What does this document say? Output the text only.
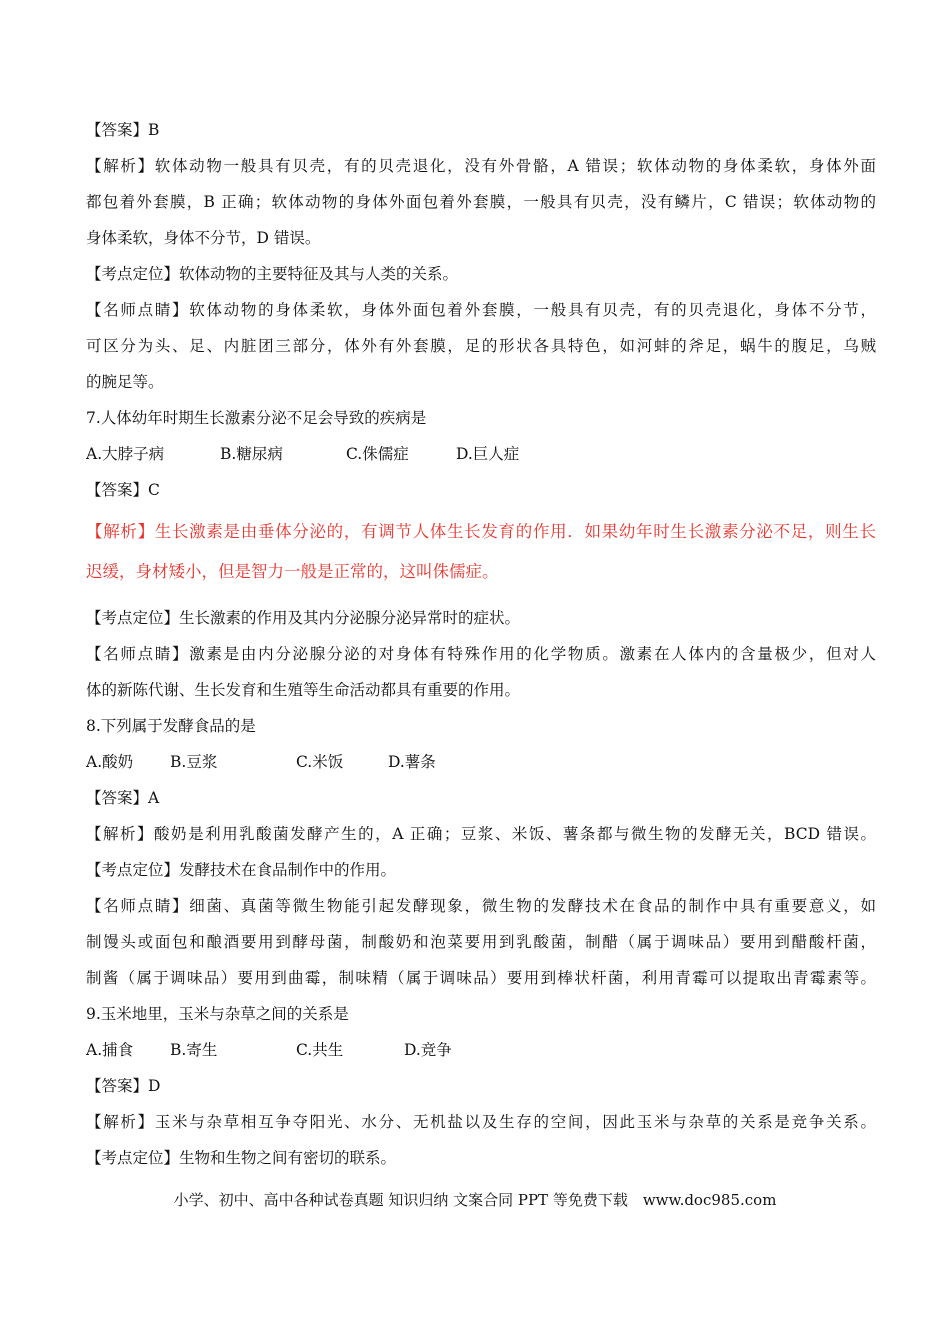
【答案】B
【解析】软体动物一般具有贝壳，有的贝壳退化，没有外骨骼，A 错误；软体动物的身体柔软，身体外面
都包着外套膜，B 正确；软体动物的身体外面包着外套膜，一般具有贝壳，没有鳞片，C 错误；软体动物的
身体柔软，身体不分节，D 错误。
【考点定位】软体动物的主要特征及其与人类的关系。
【名师点睛】软体动物的身体柔软，身体外面包着外套膜，一般具有贝壳，有的贝壳退化，身体不分节，
可区分为头、足、内脏团三部分，体外有外套膜，足的形状各具特色，如河蚌的斧足，蜗牛的腹足，乌贼
的腕足等。
7.人体幼年时期生长激素分泌不足会导致的疾病是
A.大脖子病	B.糖尿病	C.侏儒症	D.巨人症
【答案】C
【解析】生长激素是由垂体分泌的，有调节人体生长发育的作用．如果幼年时生长激素分泌不足，则生长
迟缓，身材矮小，但是智力一般是正常的，这叫侏儒症。
【考点定位】生长激素的作用及其内分泌腺分泌异常时的症状。
【名师点睛】激素是由内分泌腺分泌的对身体有特殊作用的化学物质。激素在人体内的含量极少，但对人
体的新陈代谢、生长发育和生殖等生命活动都具有重要的作用。
8.下列属于发酵食品的是
A.酸奶	B.豆浆	C.米饭	D.薯条
【答案】A
【解析】酸奶是利用乳酸菌发酵产生的，A 正确；豆浆、米饭、薯条都与微生物的发酵无关，BCD 错误。
【考点定位】发酵技术在食品制作中的作用。
【名师点睛】细菌、真菌等微生物能引起发酵现象，微生物的发酵技术在食品的制作中具有重要意义，如
制馒头或面包和酿酒要用到酵母菌，制酸奶和泡菜要用到乳酸菌，制醋（属于调味品）要用到醋酸杆菌，
制酱（属于调味品）要用到曲霉，制味精（属于调味品）要用到棒状杆菌，利用青霉可以提取出青霉素等。
9.玉米地里，玉米与杂草之间的关系是
A.捕食	B.寄生	C.共生	D.竞争
【答案】D
【解析】玉米与杂草相互争夺阳光、水分、无机盐以及生存的空间，因此玉米与杂草的关系是竞争关系。
【考点定位】生物和生物之间有密切的联系。
小学、初中、高中各种试卷真题 知识归纳 文案合同 PPT 等免费下载　www.doc985.com
